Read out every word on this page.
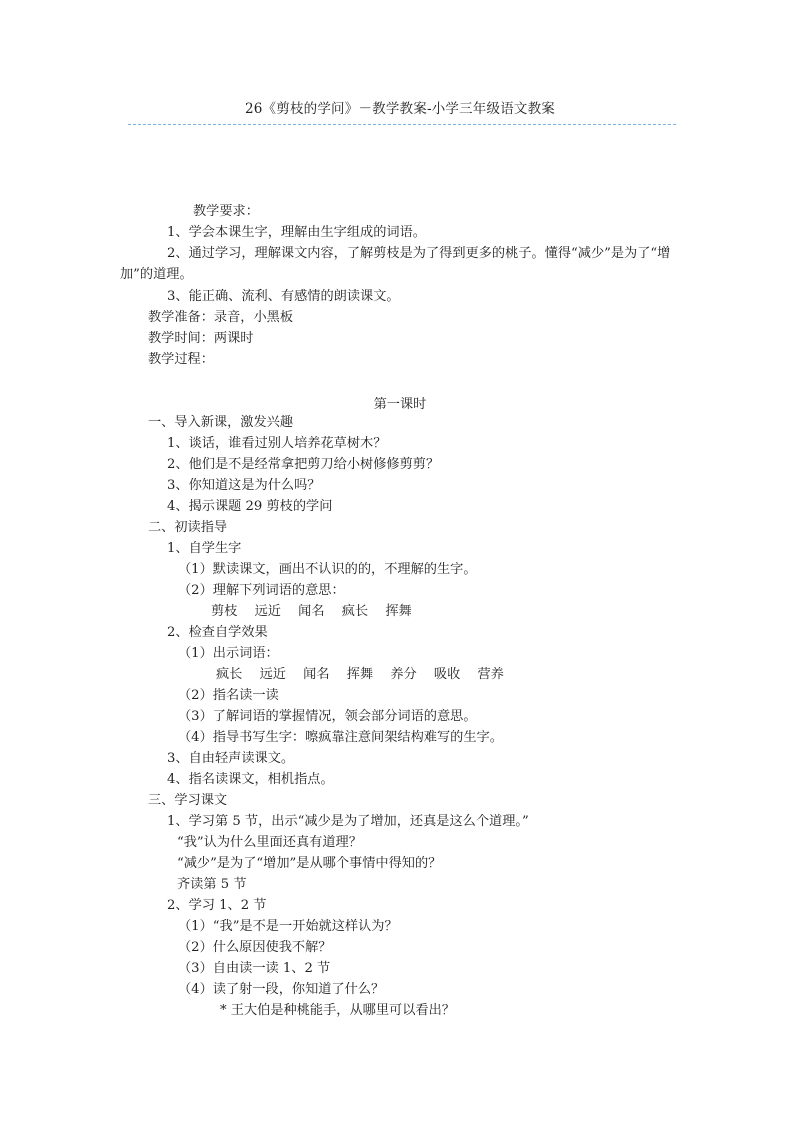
26《剪枝的学问》－教学教案-小学三年级语文教案
教学要求：
1、学会本课生字，理解由生字组成的词语。
2、通过学习，理解课文内容，了解剪枝是为了得到更多的桃子。懂得“减少”是为了“增
加”的道理。
3、能正确、流利、有感情的朗读课文。
教学准备：录音，小黑板
教学时间：两课时
教学过程：
第一课时
一、导入新课，激发兴趣
1、谈话，谁看过别人培养花草树木？
2、他们是不是经常拿把剪刀给小树修修剪剪？
3、你知道这是为什么吗？
4、揭示课题 29 剪枝的学问
二、初读指导
1、自学生字
（1）默读课文，画出不认识的的，不理解的生字。
（2）理解下列词语的意思：
剪枝 远近 闻名 疯长 挥舞
2、检查自学效果
（1）出示词语：
疯长 远近 闻名 挥舞 养分 吸收 营养
（2）指名读一读
（3）了解词语的掌握情况，领会部分词语的意思。
（4）指导书写生字：嚓疯靠注意间架结构难写的生字。
3、自由轻声读课文。
4、指名读课文，相机指点。
三、学习课文
1、学习第 5 节，出示“减少是为了增加，还真是这么个道理。”
“我”认为什么里面还真有道理？
“减少”是为了“增加”是从哪个事情中得知的？
齐读第 5 节
2、学习 1、2 节
（1）“我”是不是一开始就这样认为？
（2）什么原因使我不解？
（3）自由读一读 1、2 节
（4）读了射一段，你知道了什么？
* 王大伯是种桃能手，从哪里可以看出？
